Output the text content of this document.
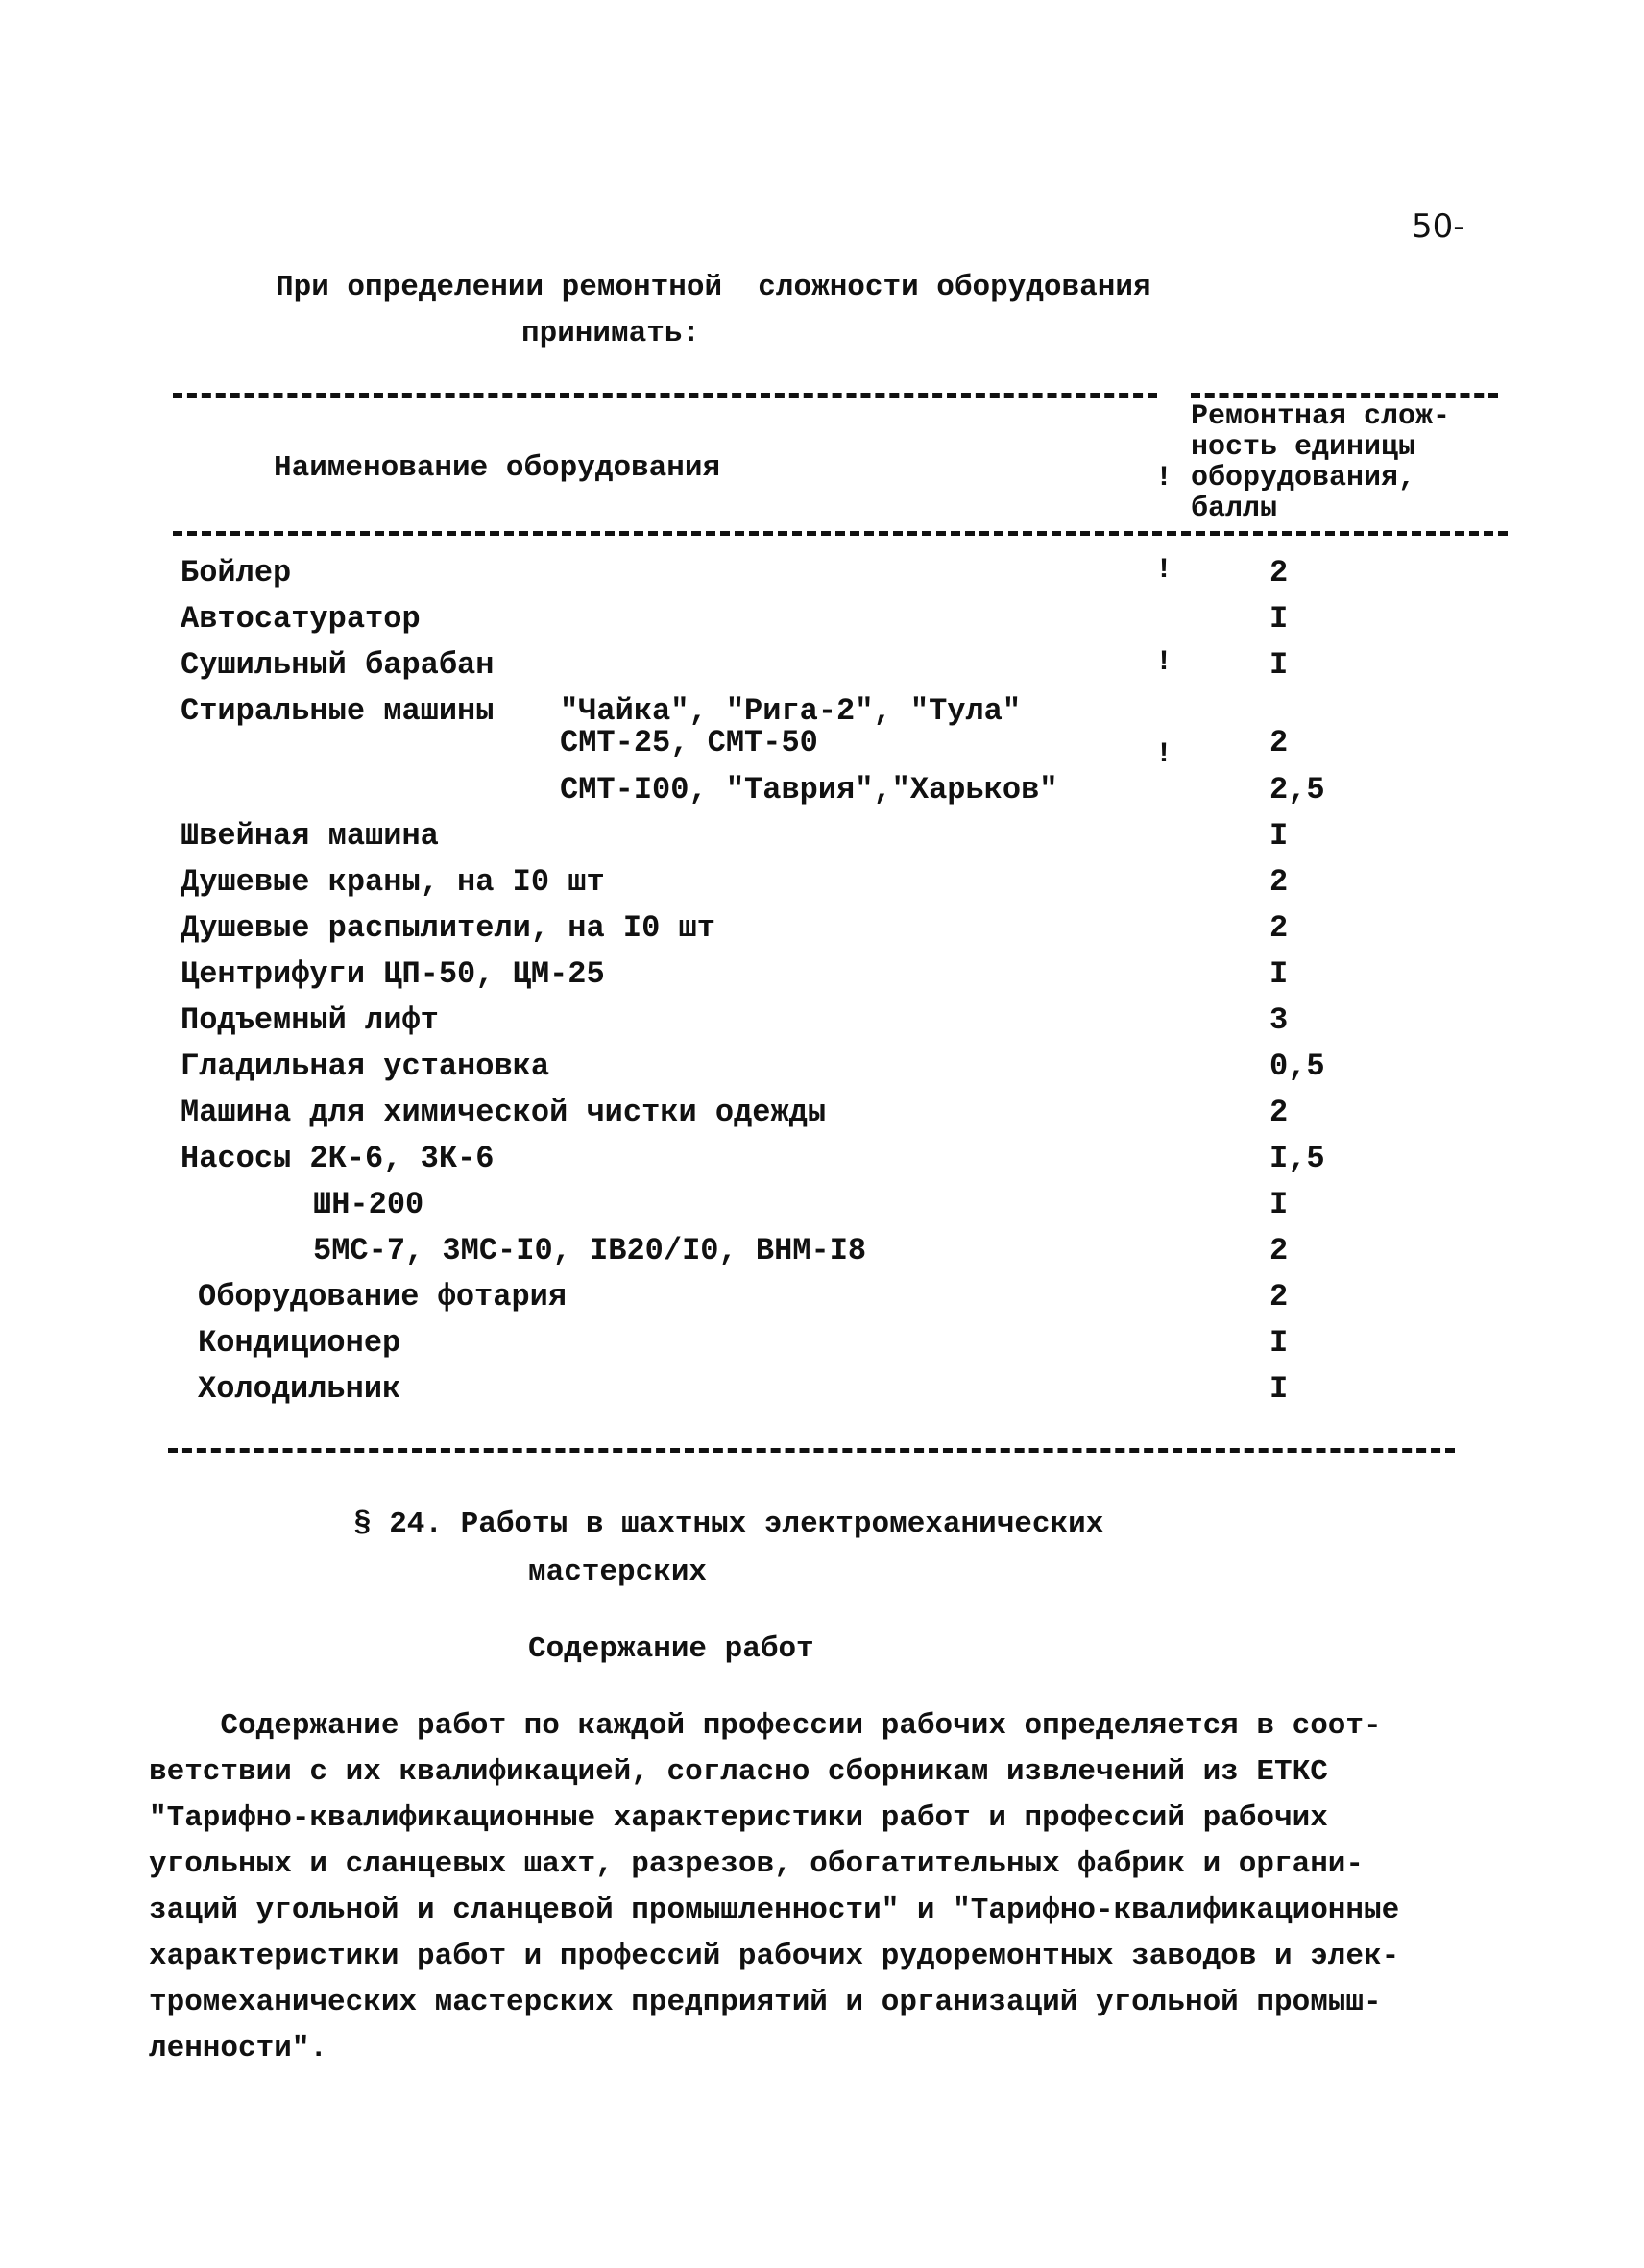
50-
При определении ремонтной  сложности оборудования
принимать:

!

!

!

!

Наименование оборудования
Ремонтная слож-
ность единицы
оборудования,
баллы
Бойлер	2
Автосатуратор	I
Сушильный барабан	I
Стиральные машины "Чайка", "Рига-2", "Тула"
СМТ-25, СМТ-50	2
СМТ-I00, "Таврия","Харьков"	2,5
Швейная машина	I
Душевые краны, на I0 шт	2
Душевые распылители, на I0 шт	2
Центрифуги ЦП-50, ЦМ-25	I
Подъемный лифт	3
Гладильная установка	0,5
Машина для химической чистки одежды	2
Насосы 2К-6, 3К-6	I,5
ШН-200	I
5МС-7, 3МС-I0, IB20/I0, ВНМ-I8	2
Оборудование фотария	2
Кондиционер	I
Холодильник	I
§ 24. Работы в шахтных электромеханических
мастерских
Содержание работ
Содержание работ по каждой профессии рабочих определяется в соот-
ветствии с их квалификацией, согласно сборникам извлечений из ЕТКС
"Тарифно-квалификационные характеристики работ и профессий рабочих
угольных и сланцевых шахт, разрезов, обогатительных фабрик и органи-
заций угольной и сланцевой промышленности" и "Тарифно-квалификационные
характеристики работ и профессий рабочих рудоремонтных заводов и элек-
тромеханических мастерских предприятий и организаций угольной промыш-
ленности".
